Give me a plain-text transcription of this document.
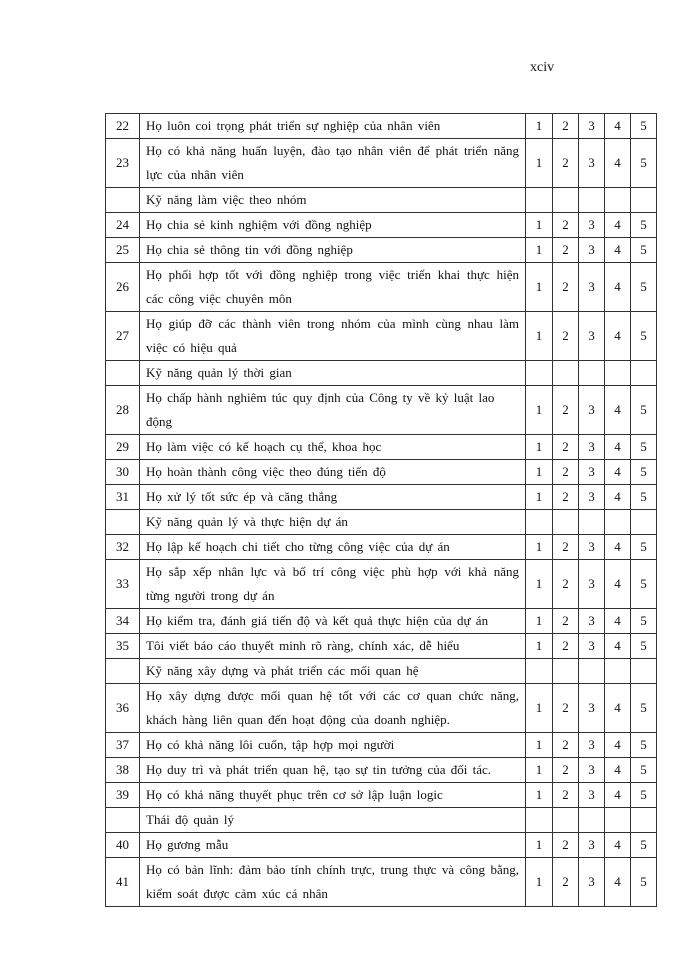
xciv
22	Họ luôn coi trọng phát triển sự nghiệp của nhân viên	1	2	3	4	5
23	Họ có khả năng huấn luyện, đào tạo nhân viên để phát triển năng lực của nhân viên	1	2	3	4	5
	Kỹ năng làm việc theo nhóm					
24	Họ chia sẻ kinh nghiệm với đồng nghiệp	1	2	3	4	5
25	Họ chia sẻ thông tin với đồng nghiệp	1	2	3	4	5
26	Họ phối hợp tốt với đồng nghiệp trong việc triển khai thực hiện các công việc chuyên môn	1	2	3	4	5
27	Họ giúp đỡ các thành viên trong nhóm của mình cùng nhau làm việc có hiệu quả	1	2	3	4	5
	Kỹ năng quản lý thời gian					
28	Họ chấp hành nghiêm túc quy định của Công ty về kỷ luật lao động	1	2	3	4	5
29	Họ làm việc có kế hoạch cụ thể, khoa học	1	2	3	4	5
30	Họ hoàn thành công việc theo đúng tiến độ	1	2	3	4	5
31	Họ xử lý tốt sức ép và căng thẳng	1	2	3	4	5
	Kỹ năng quản lý và thực hiện dự án					
32	Họ lập kế hoạch chi tiết cho từng công việc của dự án	1	2	3	4	5
33	Họ sắp xếp nhân lực và bố trí công việc phù hợp với khả năng từng người trong dự án	1	2	3	4	5
34	Họ kiểm tra, đánh giá tiến độ và kết quả thực hiện của dự án	1	2	3	4	5
35	Tôi viết báo cáo thuyết minh rõ ràng, chính xác, dễ hiểu	1	2	3	4	5
	Kỹ năng xây dựng và phát triển các mối quan hệ					
36	Họ xây dựng được mối quan hệ tốt với các cơ quan chức năng, khách hàng liên quan đến hoạt động của doanh nghiệp.	1	2	3	4	5
37	Họ có khả năng lôi cuốn, tập hợp mọi người	1	2	3	4	5
38	Họ duy trì và phát triển quan hệ, tạo sự tin tưởng của đối tác.	1	2	3	4	5
39	Họ có khả năng thuyết phục trên cơ sở lập luận logic	1	2	3	4	5
	Thái độ quản lý					
40	Họ gương mẫu	1	2	3	4	5
41	Họ có bản lĩnh: đảm bảo tính chính trực, trung thực và công bằng, kiểm soát được cảm xúc cá nhân	1	2	3	4	5
